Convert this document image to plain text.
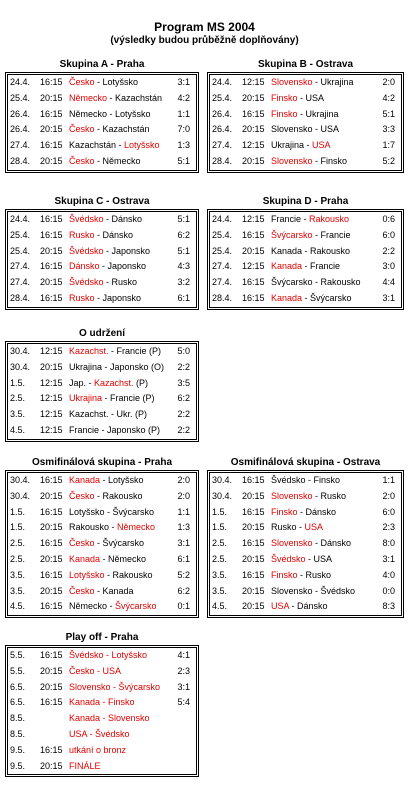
Program MS 2004
(výsledky budou průběžně doplňovány)
Skupina A - Praha
24.4. 16:15 Česko - Lotyšsko	3:1
25.4. 20:15 Německo - Kazachstán 4:2
26.4. 16:15 Německo - Lotyšsko	1:1
26.4. 20:15 Česko - Kazachstán	7:0
27.4. 16:15 Kazachstán - Lotyšsko 1:3
28.4. 20:15 Česko - Německo	5:1
Skupina B - Ostrava
24.4. 12:15 Slovensko - Ukrajina	2:0
25.4. 20:15 Finsko - USA	4:2
26.4. 16:15 Finsko - Ukrajina	5:1
26.4. 20:15 Slovensko - USA	3:3
27.4. 12:15 Ukrajina - USA	1:7
28.4. 20:15 Slovensko - Finsko	5:2
Skupina C - Ostrava
24.4. 16:15 Švédsko - Dánsko	5:1
25.4. 16:15 Rusko - Dánsko	6:2
25.4. 20:15 Švédsko - Japonsko	5:1
27.4. 16:15 Dánsko - Japonsko	4:3
27.4. 20:15 Švédsko - Rusko	3:2
28.4. 16:15 Rusko - Japonsko	6:1
Skupina D - Praha
24.4. 12:15 Francie - Rakousko	0:6
25.4. 16:15 Švýcarsko - Francie	6:0
25.4. 20:15 Kanada - Rakousko	2:2
27.4. 12:15 Kanada - Francie	3:0
27.4. 16:15 Švýcarsko - Rakousko 4:4
28.4. 16:15 Kanada - Švýcarsko	3:1
O udržení
30.4. 12:15 Kazachst. - Francie (P) 5:0
30.4. 20:15 Ukrajina - Japonsko (O) 2:2
1.5. 12:15 Jap. - Kazachst. (P)	3:5
2.5. 12:15 Ukrajina - Francie (P)	6:2
3.5. 12:15 Kazachst. - Ukr. (P)	2:2
4.5. 12:15 Francie - Japonsko (P) 2:2
Osmifinálová skupina - Praha
30.4. 16:15 Kanada - Lotyšsko	2:0
30.4. 20:15 Česko - Rakousko	2:0
1.5. 16:15 Lotyšsko - Švýcarsko	1:1
1.5. 20:15 Rakousko - Německo 1:3
2.5. 16:15 Česko - Švýcarsko	3:1
2.5. 20:15 Kanada - Německo	6:1
3.5. 16:15 Lotyšsko - Rakousko	5:2
3.5. 20:15 Česko - Kanada	6:2
4.5. 16:15 Německo - Švýcarsko 0:1
Osmifinálová skupina - Ostrava
30.4. 16:15 Švédsko - Finsko	1:1
30.4. 20:15 Slovensko - Rusko	2:0
1.5. 16:15 Finsko - Dánsko	6:0
1.5. 20:15 Rusko - USA	2:3
2.5. 16:15 Slovensko - Dánsko	8:0
2.5. 20:15 Švédsko - USA	3:1
3.5. 16:15 Finsko - Rusko	4:0
3.5. 20:15 Slovensko - Švédsko	0:0
4.5. 20:15 USA - Dánsko	8:3
Play off - Praha
5.5. 16:15 Švédsko - Lotyšsko	4:1
5.5. 20:15 Česko - USA	2:3
6.5. 20:15 Slovensko - Švýcarsko 3:1
6.5. 16:15 Kanada - Finsko	5:4
8.5.	Kanada - Slovensko
8.5.	USA - Švédsko
9.5. 16:15 utkání o bronz
9.5. 20:15 FINÁLE
